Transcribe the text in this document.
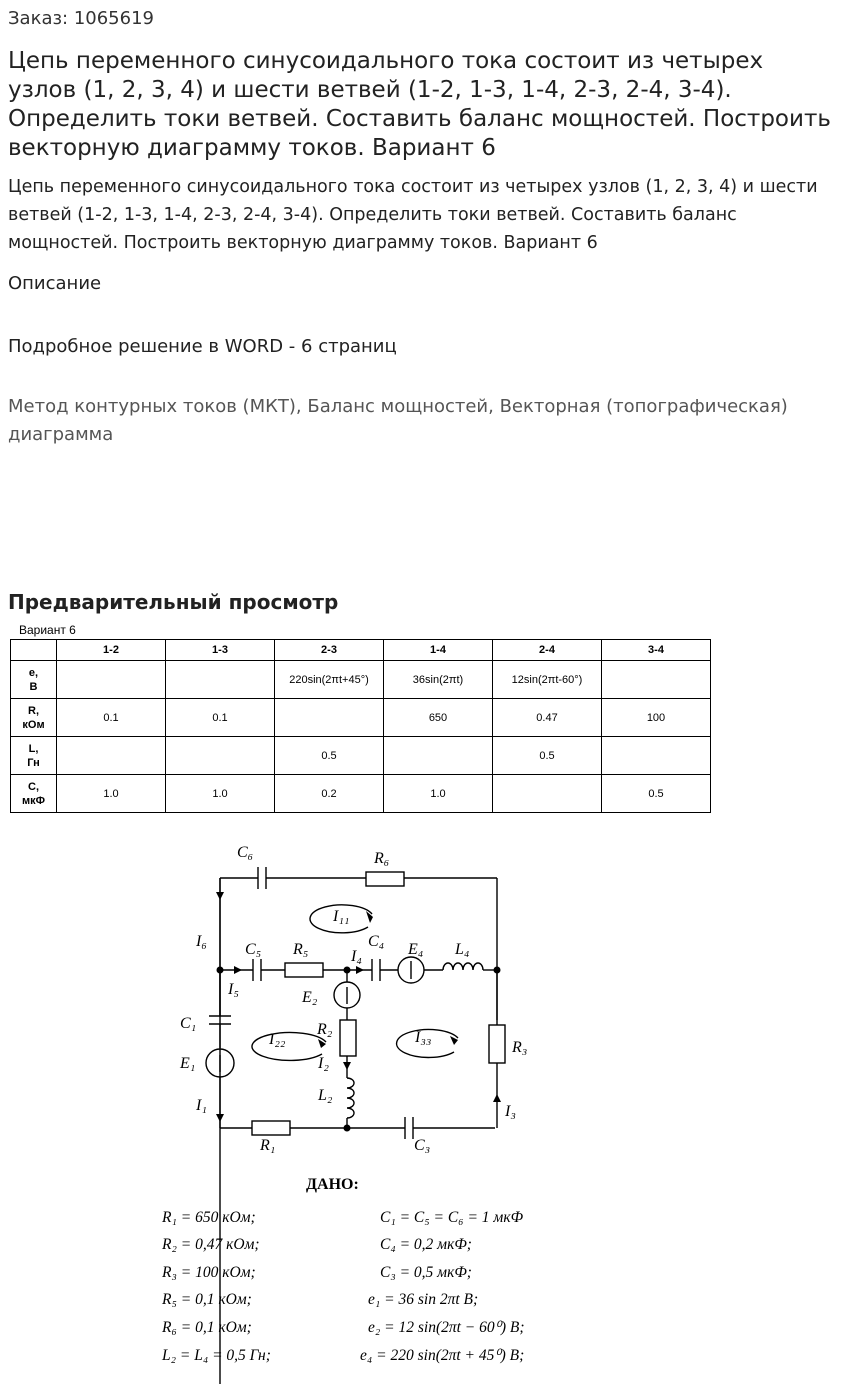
Заказ: 1065619
Цепь переменного синусоидального тока состоит из четырех узлов (1, 2, 3, 4) и шести ветвей (1-2, 1-3, 1-4, 2-3, 2-4, 3-4). Определить токи ветвей. Составить баланс мощностей. Построить векторную диаграмму токов. Вариант 6
Цепь переменного синусоидального тока состоит из четырех узлов (1, 2, 3, 4) и шести ветвей (1-2, 1-3, 1-4, 2-3, 2-4, 3-4). Определить токи ветвей. Составить баланс мощностей. Построить векторную диаграмму токов. Вариант 6
Описание
Подробное решение в WORD - 6 страниц
Метод контурных токов (МКТ), Баланс мощностей, Векторная (топографическая) диаграмма
Предварительный просмотр
Вариант 6
	1-2	1-3	2-3	1-4	2-4	3-4
e,
В			220sin(2πt+45°)	36sin(2πt)	12sin(2πt-60°)	
R,
кОм	0.1	0.1		650	0.47	100
L,
Гн			0.5		0.5	
C,
мкФ	1.0	1.0	0.2	1.0		0.5
C₆	R₆
I₁₁
I₆ C₅ R₅	C₄ E₄ L₄
I₄
I₅	E₂
C₁
I₂₂
R₂	I₃₃
R₃
E₁	I₂
L₂
I₁	I₃
R₁	C₃
ДАНО:
R₁ = 650 кОм;	C₁ = C₅ = C₆ = 1 мкФ
R₂ = 0,47 кОм;	C₄ = 0,2 мкФ;
R₃ = 100 кОм;	C₃ = 0,5 мкФ;
R₅ = 0,1 кОм;	e₁ = 36 sin 2πt В;
R₆ = 0,1 кОм;	e₂ = 12 sin(2πt − 60⁰) В;
L₂ = L₄ = 0,5 Гн;	e₄ = 220 sin(2πt + 45⁰) В;
